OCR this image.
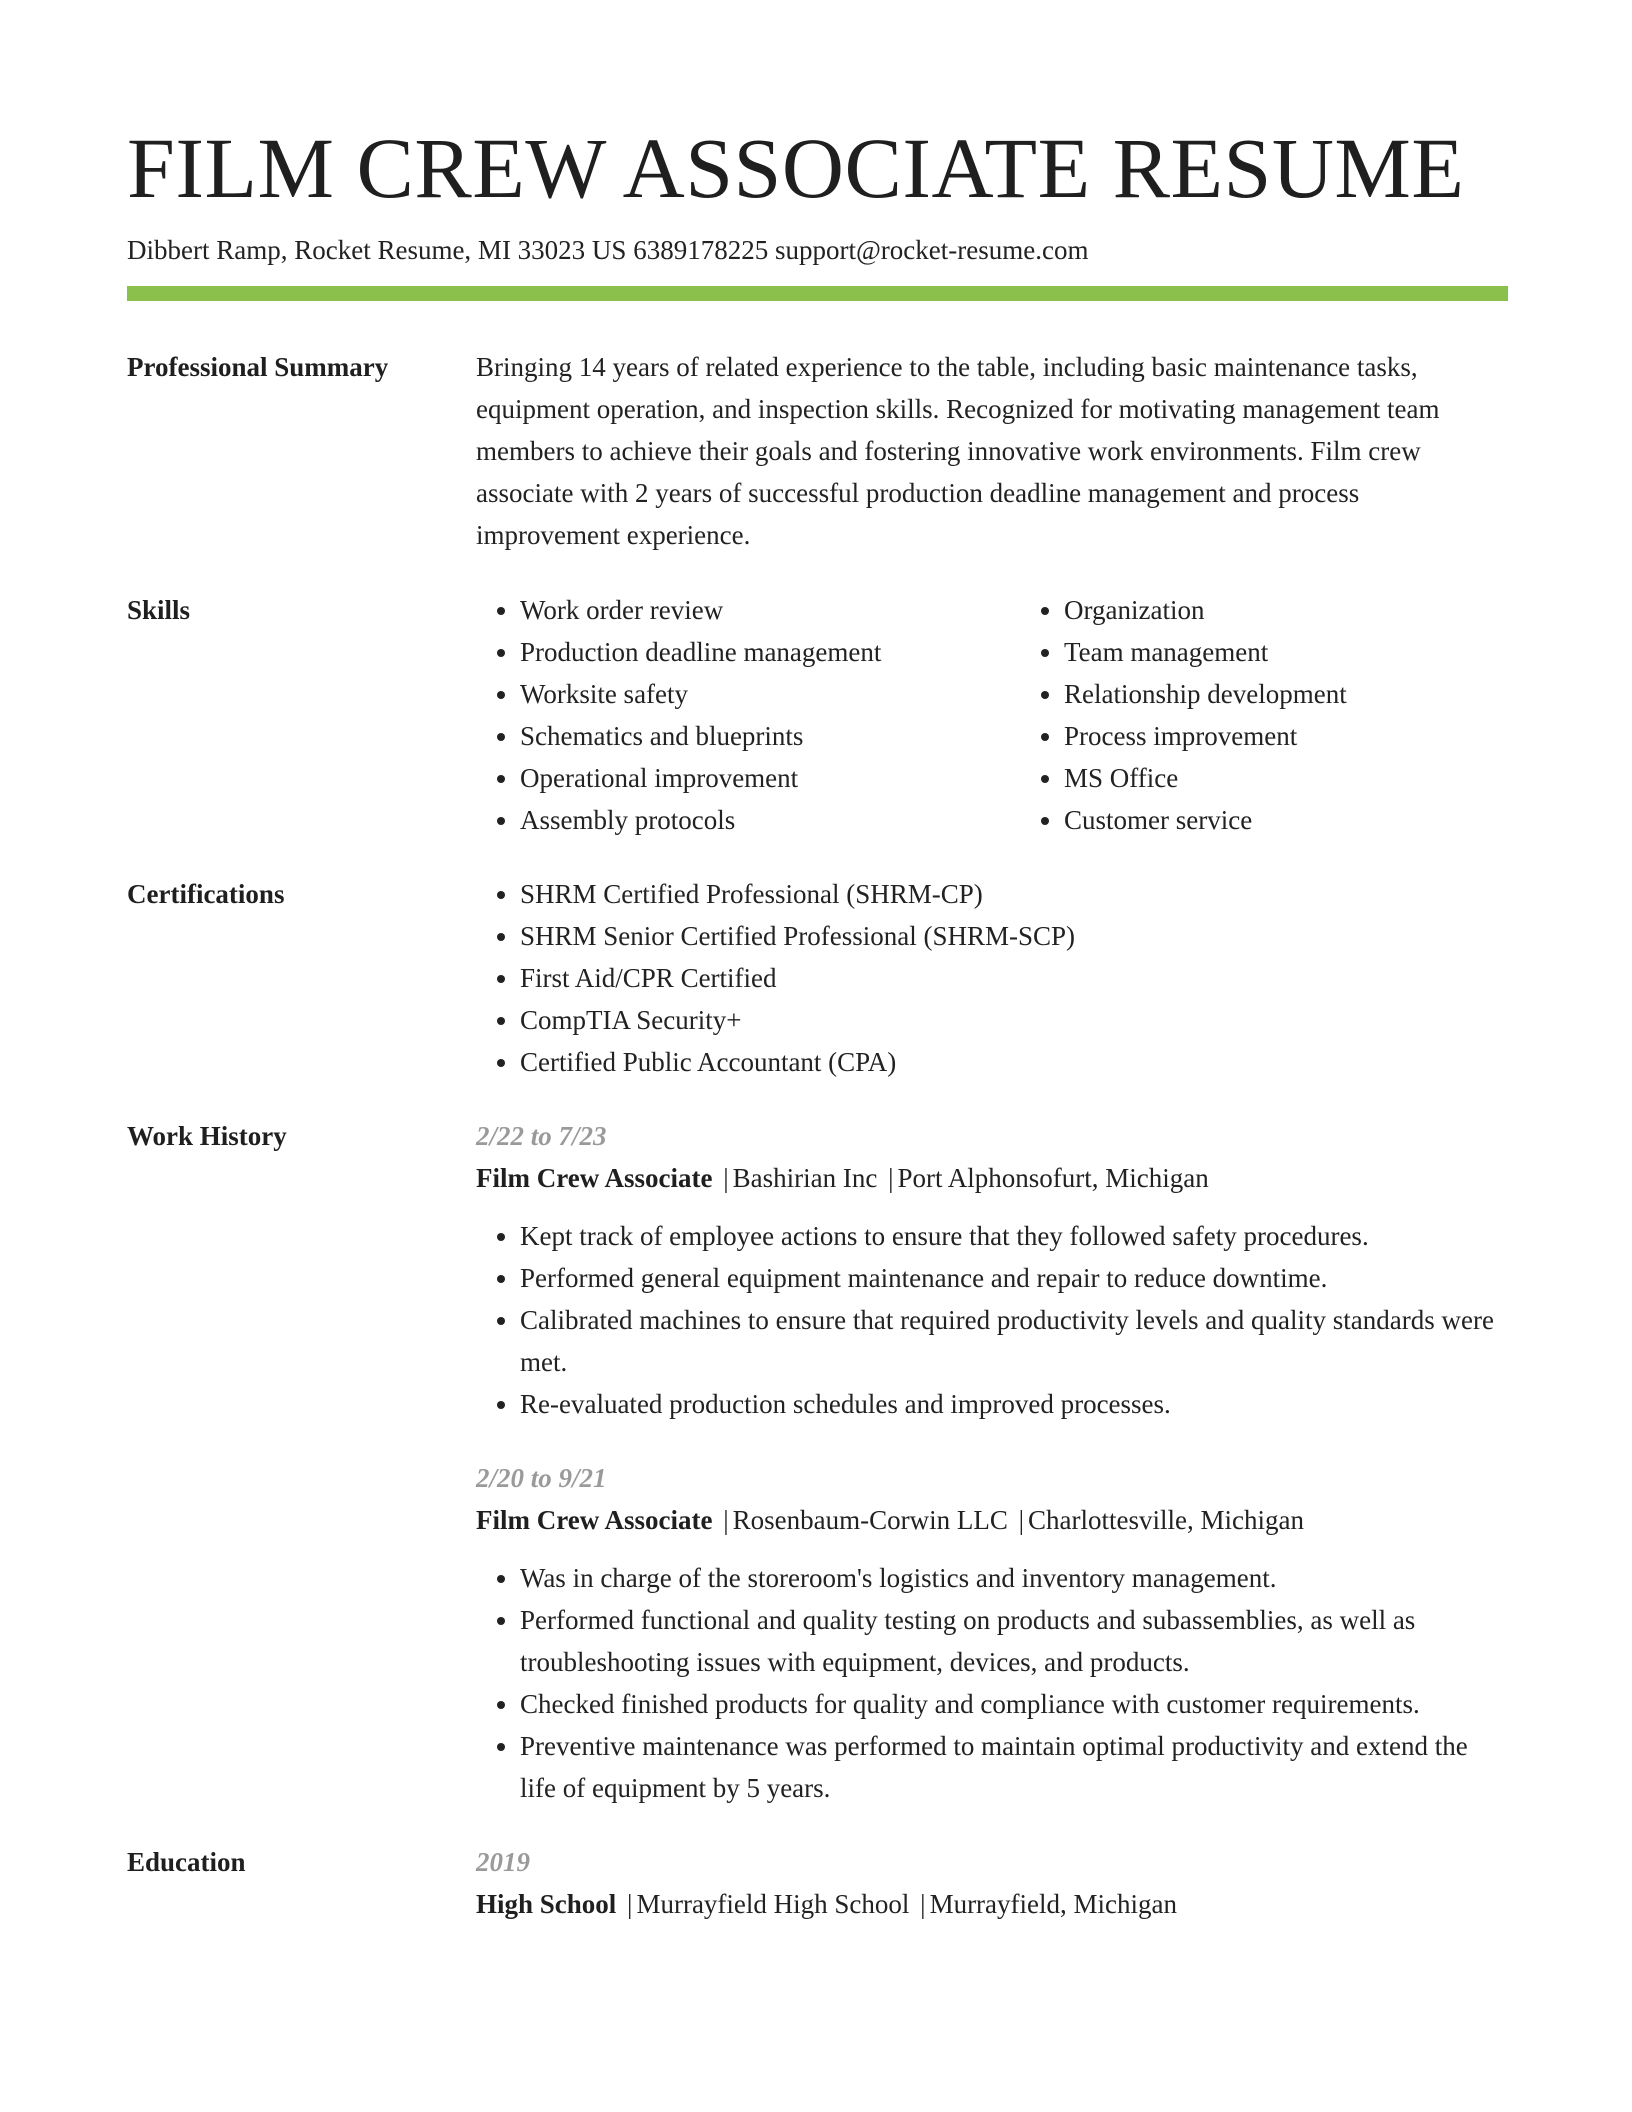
FILM CREW ASSOCIATE RESUME
Dibbert Ramp, Rocket Resume, MI 33023 US 6389178225 support@rocket-resume.com
Professional Summary	Bringing 14 years of related experience to the table, including basic maintenance tasks, equipment operation, and inspection skills. Recognized for motivating management team members to achieve their goals and fostering innovative work environments. Film crew associate with 2 years of successful production deadline management and process improvement experience.
Skills	• Work order review
• Production deadline management
• Worksite safety
• Schematics and blueprints
• Operational improvement
• Assembly protocols
• Organization
• Team management
• Relationship development
• Process improvement
• MS Office
• Customer service
Certifications	• SHRM Certified Professional (SHRM-CP)
• SHRM Senior Certified Professional (SHRM-SCP)
• First Aid/CPR Certified
• CompTIA Security+
• Certified Public Accountant (CPA)
Work History	2/22 to 7/23
Film Crew Associate | Bashirian Inc | Port Alphonsofurt, Michigan
• Kept track of employee actions to ensure that they followed safety procedures.
• Performed general equipment maintenance and repair to reduce downtime.
• Calibrated machines to ensure that required productivity levels and quality standards were met.
• Re-evaluated production schedules and improved processes.
2/20 to 9/21
Film Crew Associate | Rosenbaum-Corwin LLC | Charlottesville, Michigan
• Was in charge of the storeroom's logistics and inventory management.
• Performed functional and quality testing on products and subassemblies, as well as troubleshooting issues with equipment, devices, and products.
• Checked finished products for quality and compliance with customer requirements.
• Preventive maintenance was performed to maintain optimal productivity and extend the life of equipment by 5 years.
Education	2019
High School | Murrayfield High School | Murrayfield, Michigan
